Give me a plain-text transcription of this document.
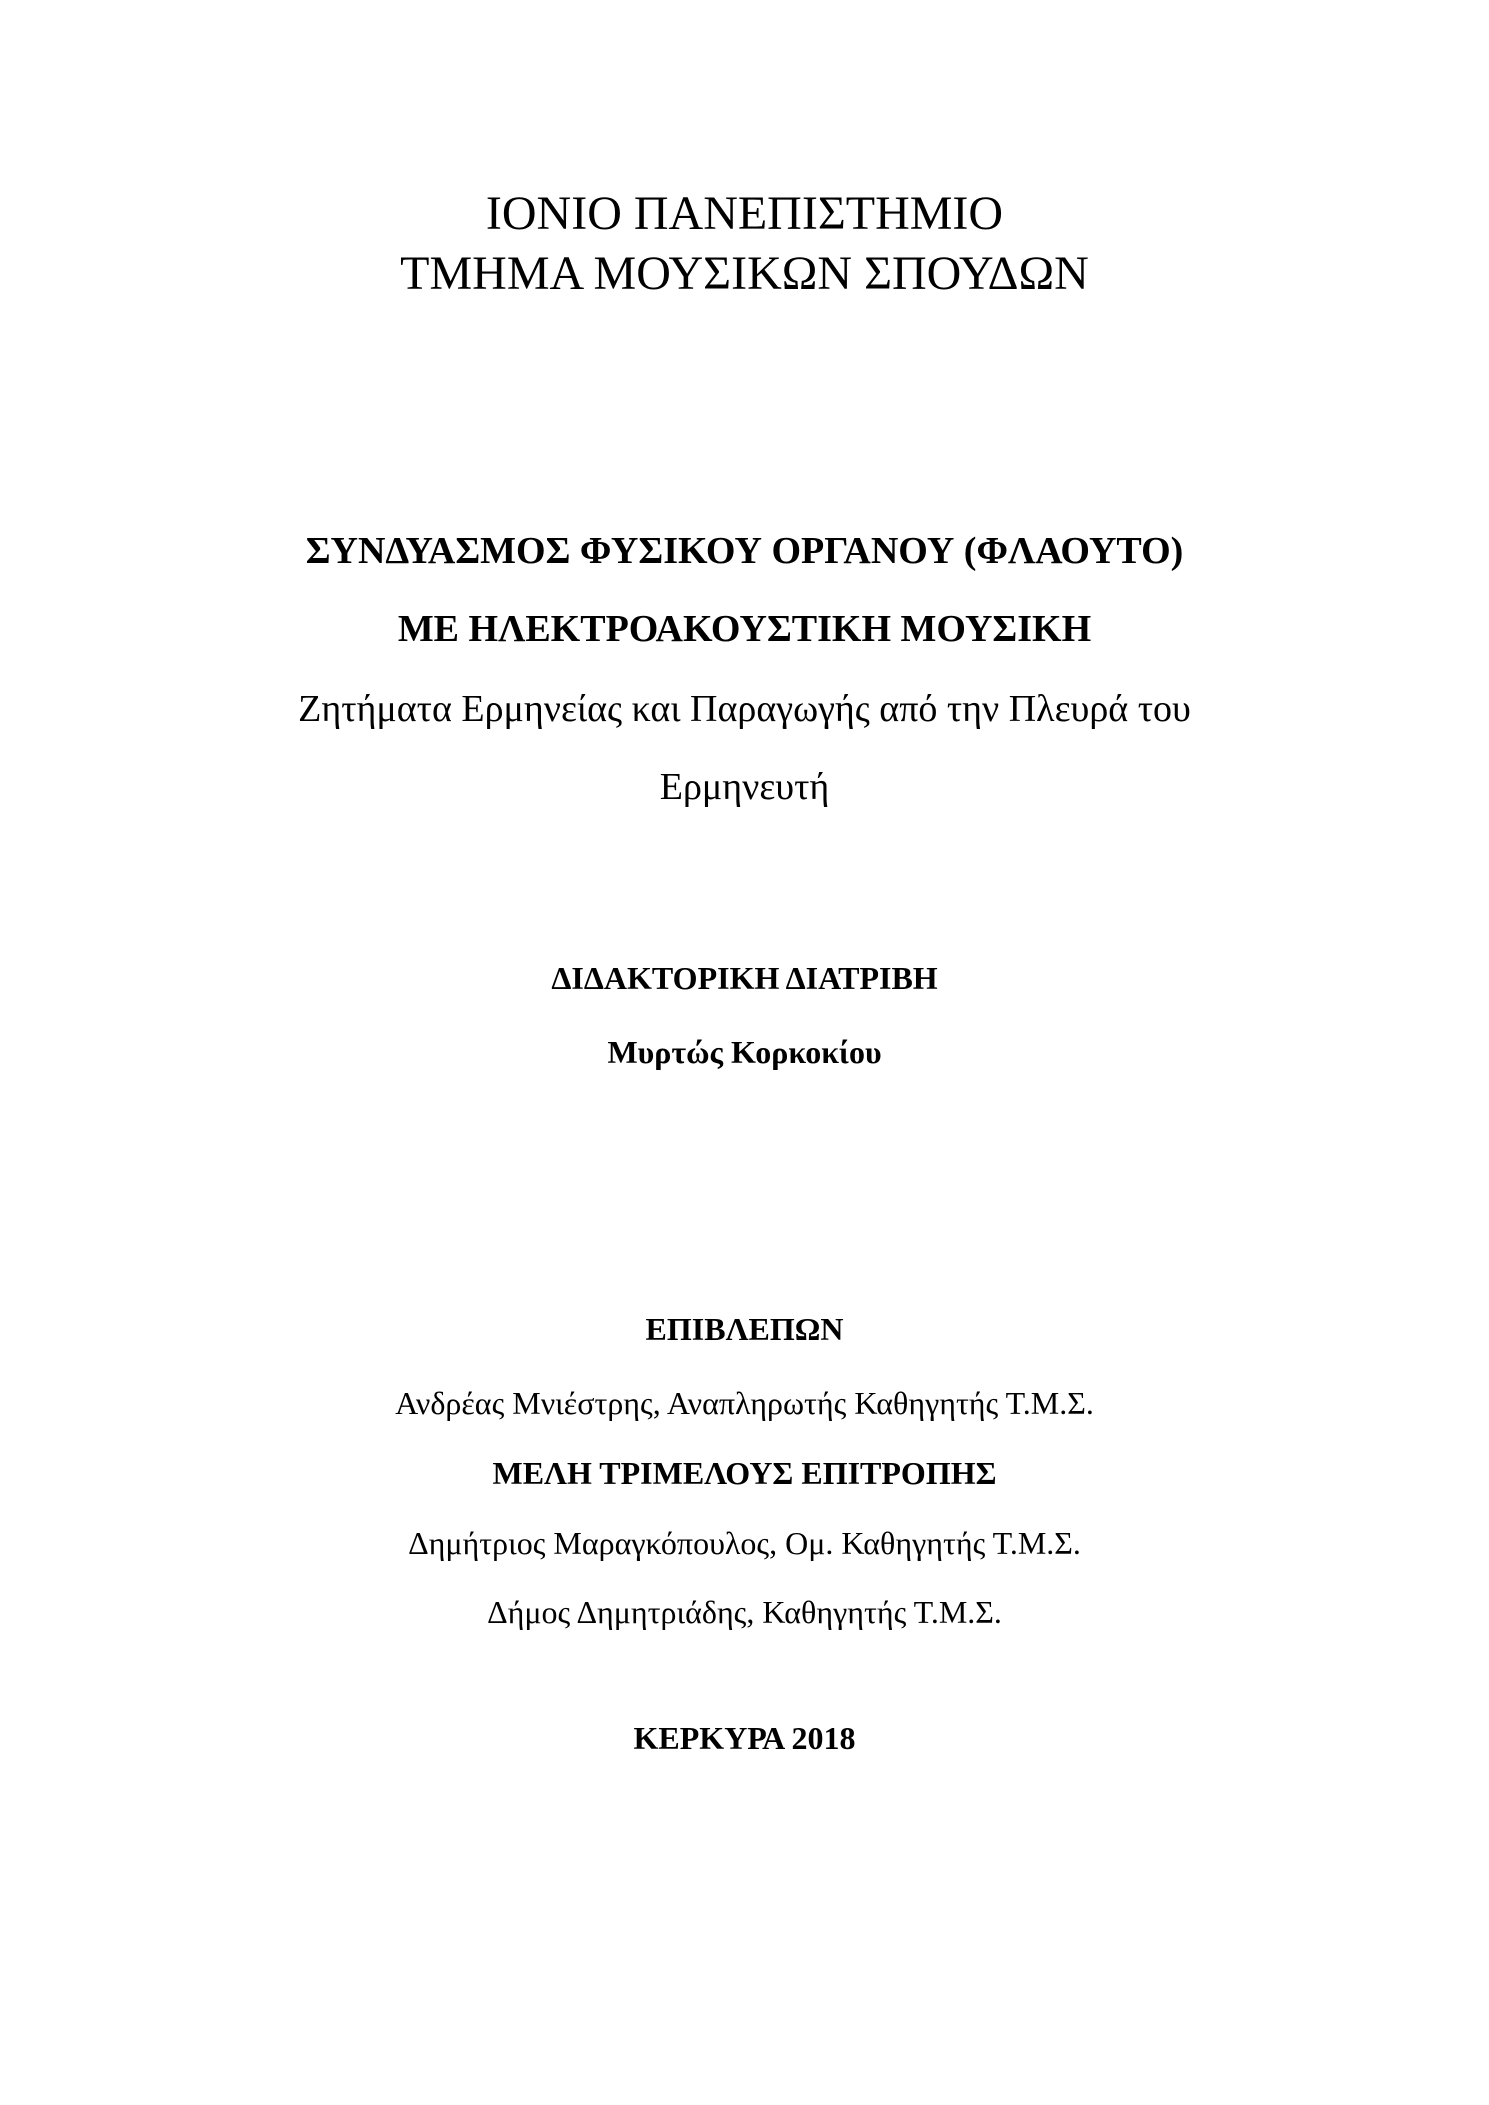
ΙΟΝΙΟ ΠΑΝΕΠΙΣΤΗΜΙΟ

ΤΜΗΜΑ ΜΟΥΣΙΚΩΝ ΣΠΟΥΔΩΝ

ΣΥΝΔΥΑΣΜΟΣ ΦΥΣΙΚΟΥ ΟΡΓΑΝΟΥ (ΦΛΑΟΥΤΟ)

ΜΕ ΗΛΕΚΤΡΟΑΚΟΥΣΤΙΚΗ ΜΟΥΣΙΚΗ

Ζητήματα Ερμηνείας και Παραγωγής από την Πλευρά του

Ερμηνευτή

ΔΙΔΑΚΤΟΡΙΚΗ ΔΙΑΤΡΙΒΗ

Μυρτώς Κορκοκίου

ΕΠΙΒΛΕΠΩΝ

Ανδρέας Μνιέστρης, Αναπληρωτής Καθηγητής Τ.Μ.Σ.

ΜΕΛΗ ΤΡΙΜΕΛΟΥΣ ΕΠΙΤΡΟΠΗΣ

Δημήτριος Μαραγκόπουλος, Ομ. Καθηγητής Τ.Μ.Σ.

Δήμος Δημητριάδης, Καθηγητής Τ.Μ.Σ.

ΚΕΡΚΥΡΑ 2018
